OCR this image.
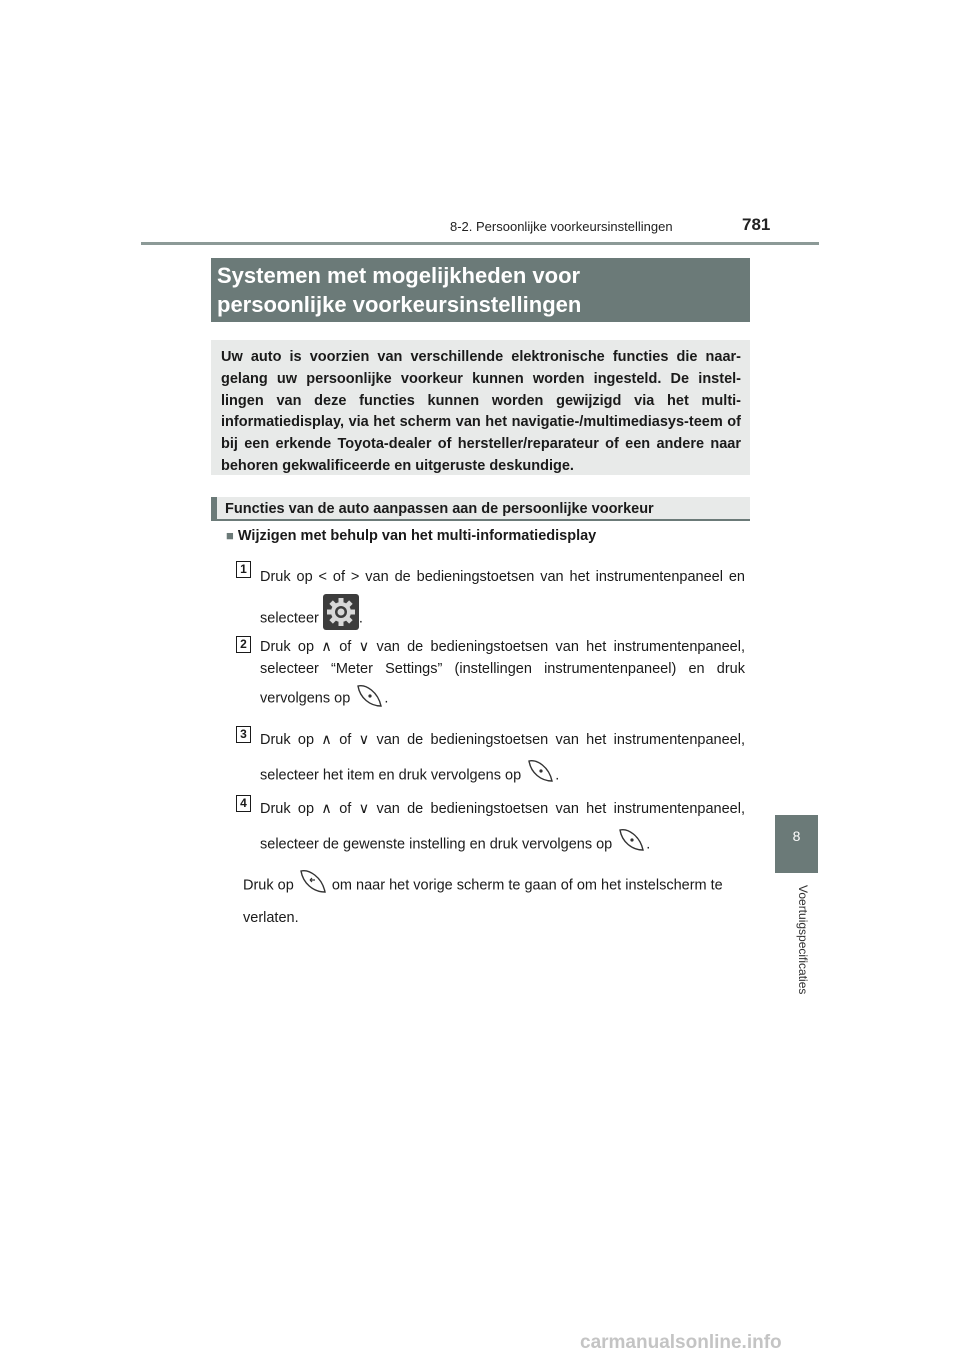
8-2. Persoonlijke voorkeursinstellingen	781
8
Voertuigspecificaties
Systemen met mogelijkheden voor
persoonlijke voorkeursinstellingen
Uw auto is voorzien van verschillende elektronische functies die naar-gelang uw persoonlijke voorkeur kunnen worden ingesteld. De instel-lingen van deze functies kunnen worden gewijzigd via het multi-informatiedisplay, via het scherm van het navigatie-/multimediasys-teem of bij een erkende Toyota-dealer of hersteller/reparateur of een andere naar behoren gekwalificeerde en uitgeruste deskundige.
Functies van de auto aanpassen aan de persoonlijke voorkeur
■ Wijzigen met behulp van het multi-informatiedisplay
1 Druk op < of > van de bedieningstoetsen van het instrumentenpaneel en selecteer	.
2 Druk op ∧ of ∨ van de bedieningstoetsen van het instrumentenpaneel, selecteer “Meter Settings” (instellingen instrumentenpaneel) en druk vervolgens op .
3 Druk op ∧ of ∨ van de bedieningstoetsen van het instrumentenpaneel, selecteer het item en druk vervolgens op .
4 Druk op ∧ of ∨ van de bedieningstoetsen van het instrumentenpaneel, selecteer de gewenste instelling en druk vervolgens op .
Druk op	om naar het vorige scherm te gaan of om het instelscherm te verlaten.
carmanualsonline.info
